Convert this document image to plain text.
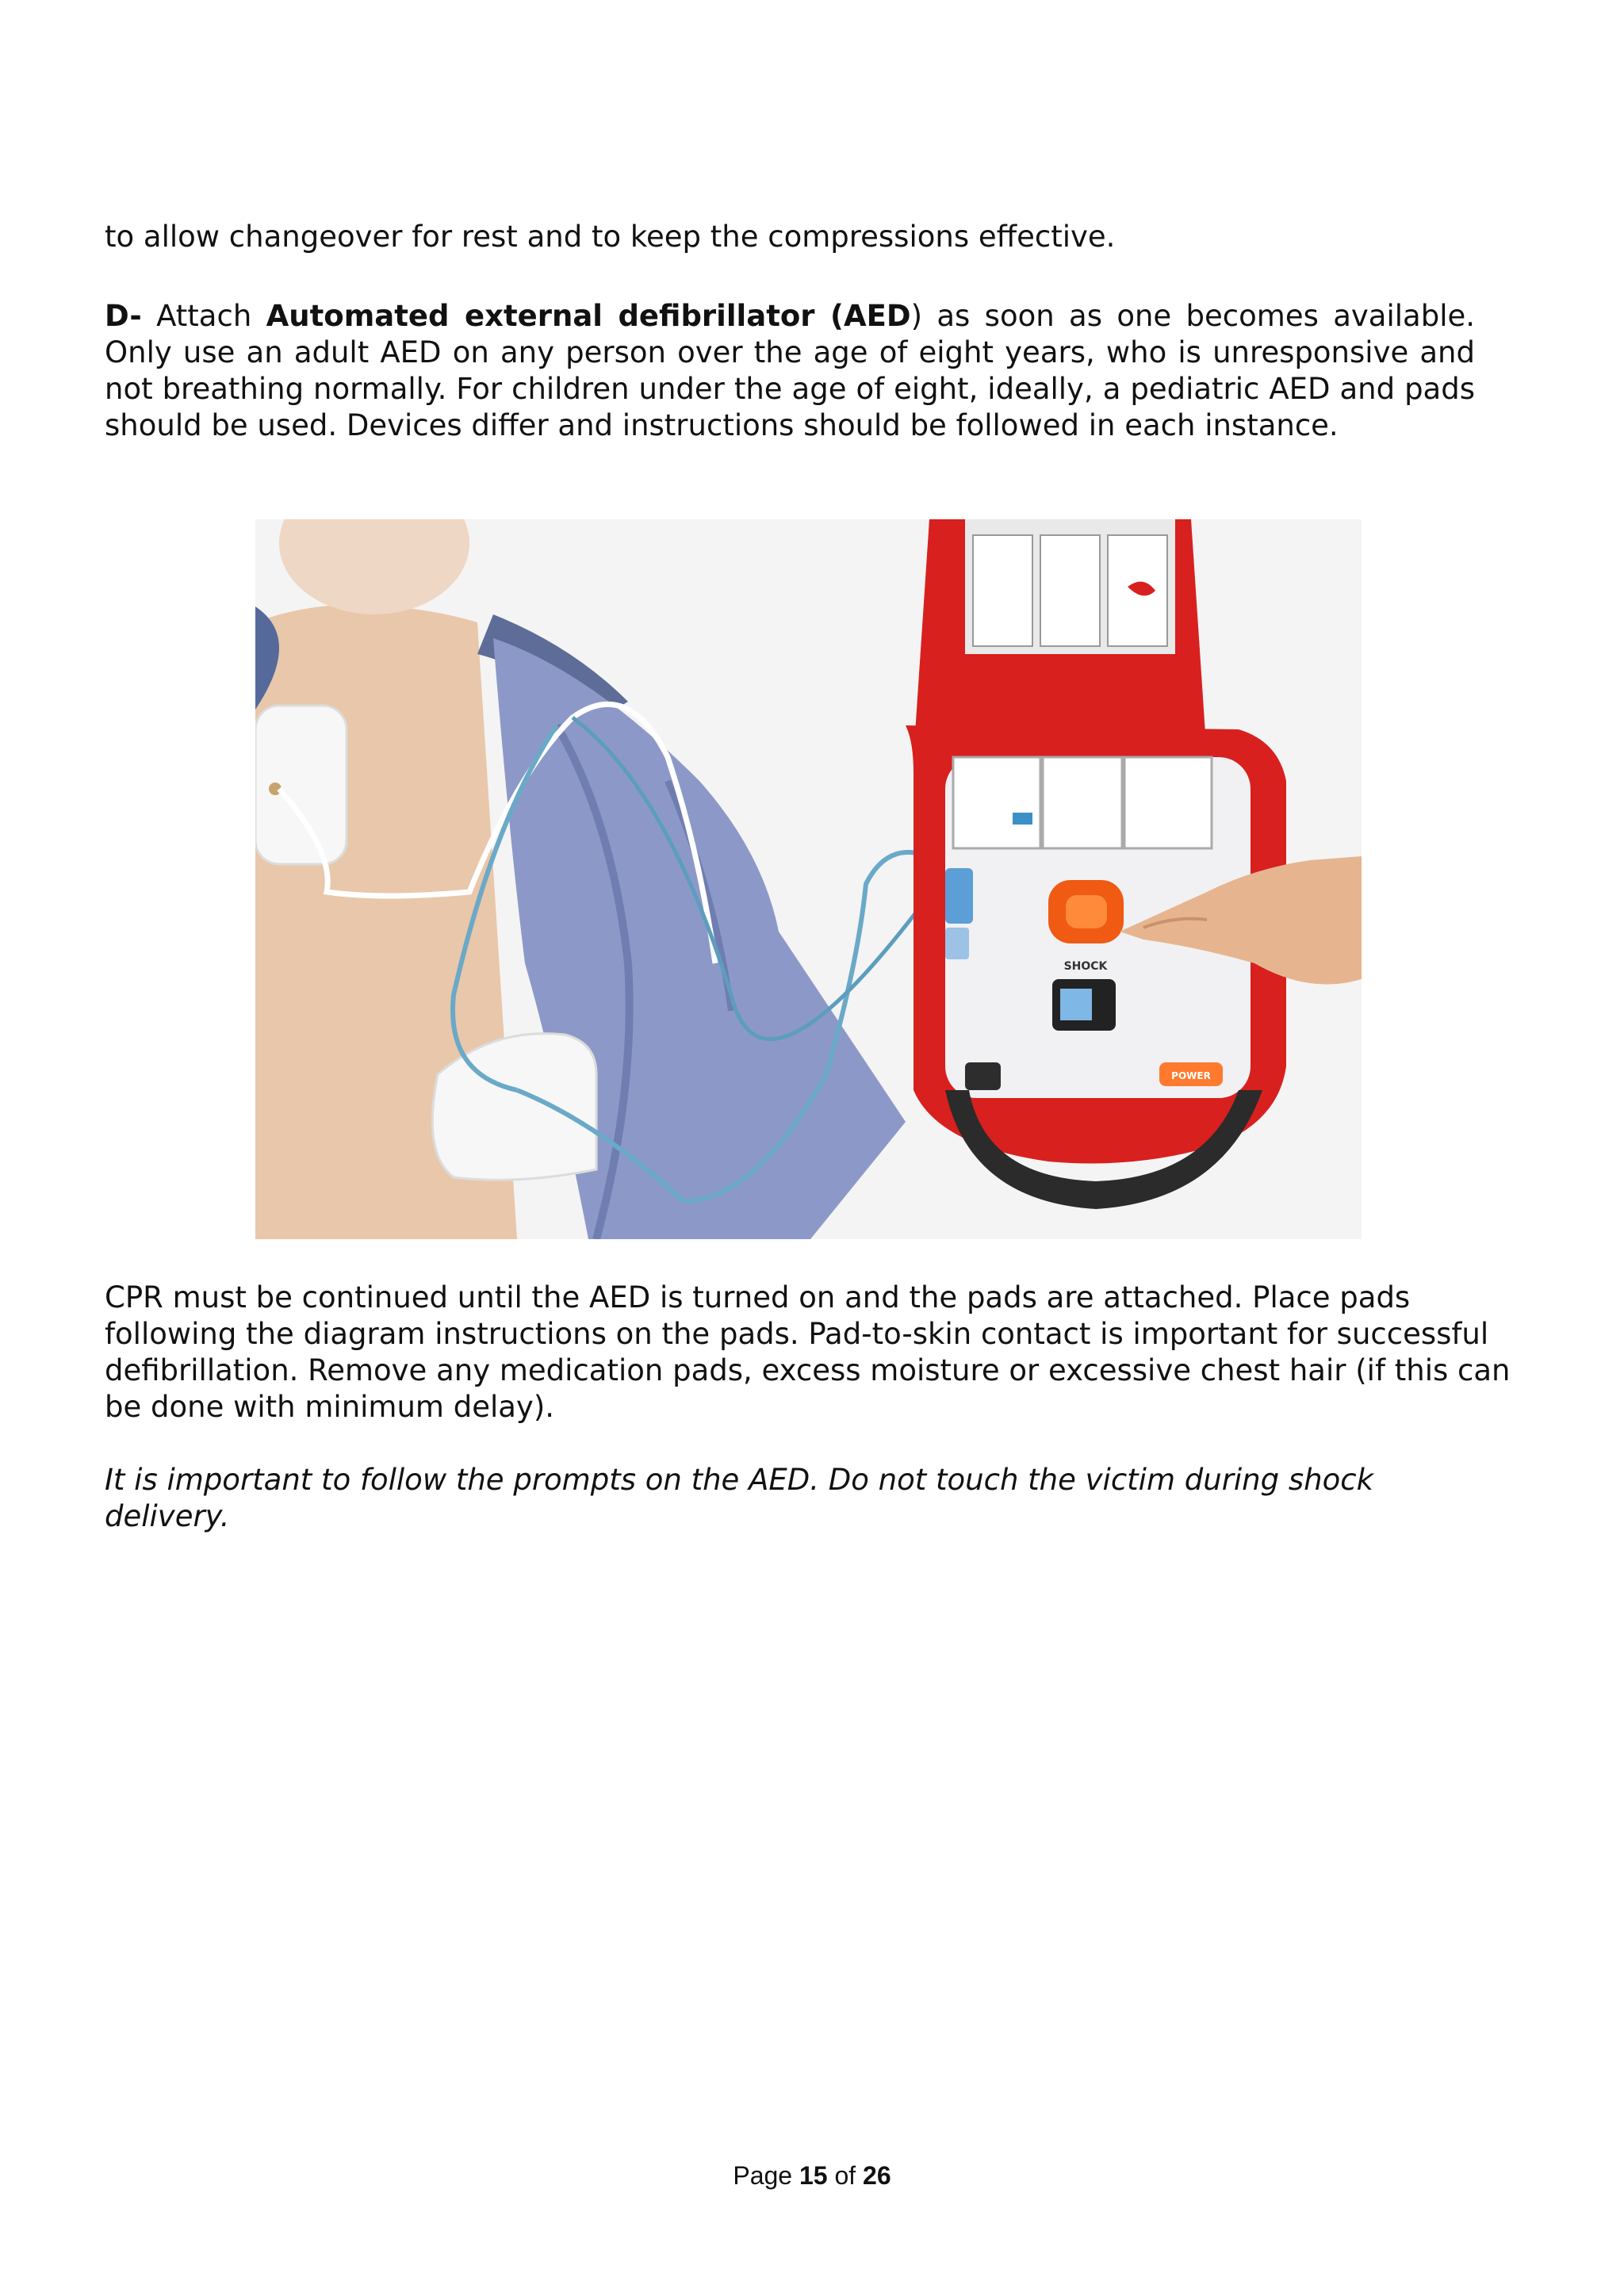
to allow changeover for rest and to keep the compressions effective.

D- Attach Automated external defibrillator (AED) as soon as one becomes available. Only use an adult AED on any person over the age of eight years, who is unresponsive and not breathing normally. For children under the age of eight, ideally, a pediatric AED and pads should be used. Devices differ and instructions should be followed in each instance.

SHOCK
POWER

CPR must be continued until the AED is turned on and the pads are attached. Place pads following the diagram instructions on the pads. Pad-to-skin contact is important for successful defibrillation. Remove any medication pads, excess moisture or excessive chest hair (if this can be done with minimum delay).

It is important to follow the prompts on the AED. Do not touch the victim during shock delivery.

Page 15 of 26
